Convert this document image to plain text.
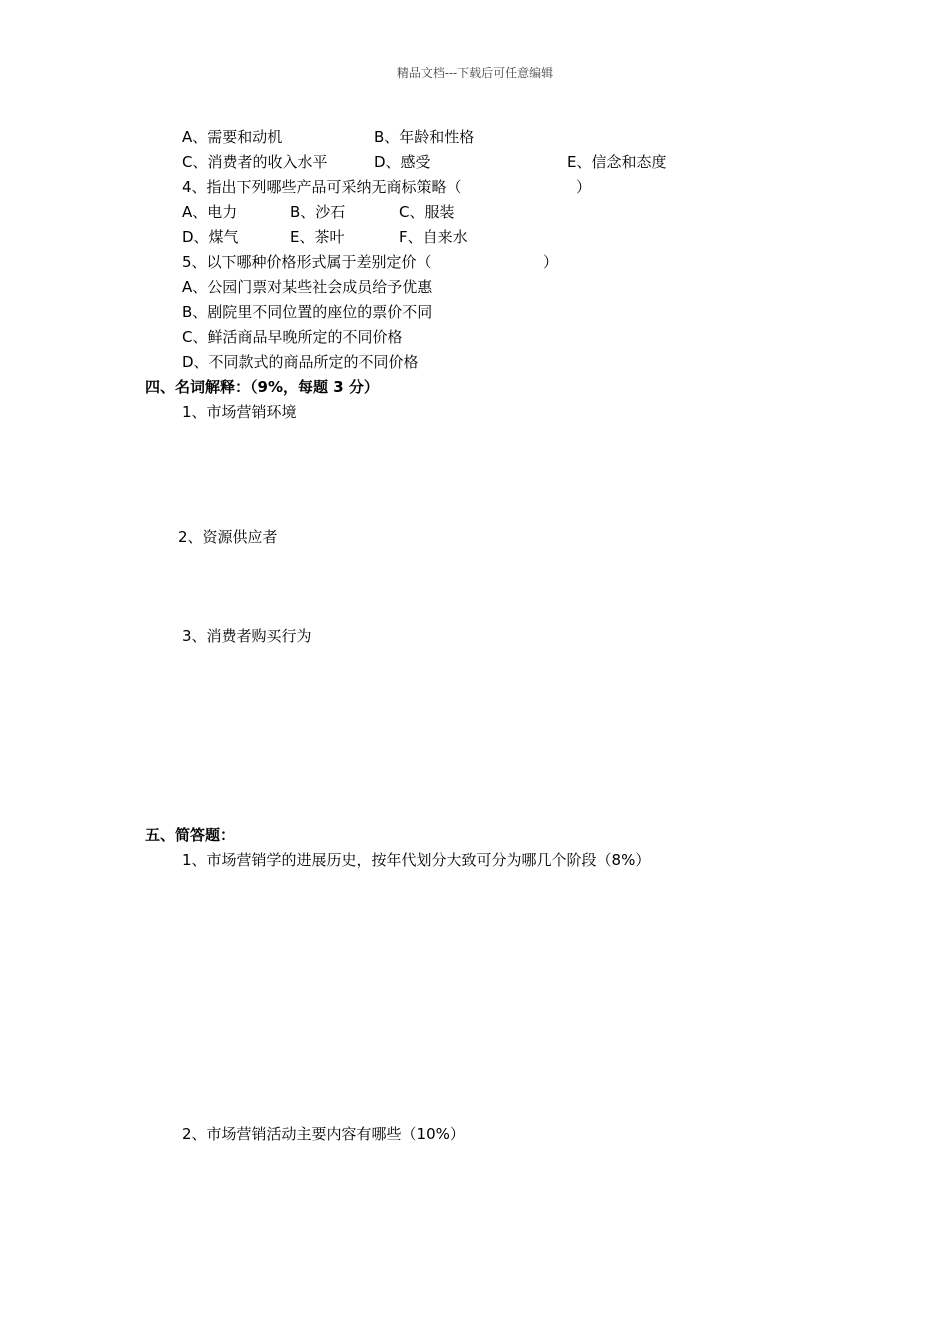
精品文档---下载后可任意编辑
A、需要和动机	B、年龄和性格
C、消费者的收入水平	D、感受	E、信念和态度
4、指出下列哪些产品可采纳无商标策略（	）
A、电力	B、沙石	C、服装
D、煤气	E、茶叶	F、自来水
5、以下哪种价格形式属于差别定价（	）
A、公园门票对某些社会成员给予优惠
B、剧院里不同位置的座位的票价不同
C、鲜活商品早晚所定的不同价格
D、不同款式的商品所定的不同价格
四、名词解释：（9%，每题 3 分）
1、市场营销环境
2、资源供应者
3、消费者购买行为
五、简答题：
1、市场营销学的进展历史，按年代划分大致可分为哪几个阶段（8%）
2、市场营销活动主要内容有哪些（10%）
